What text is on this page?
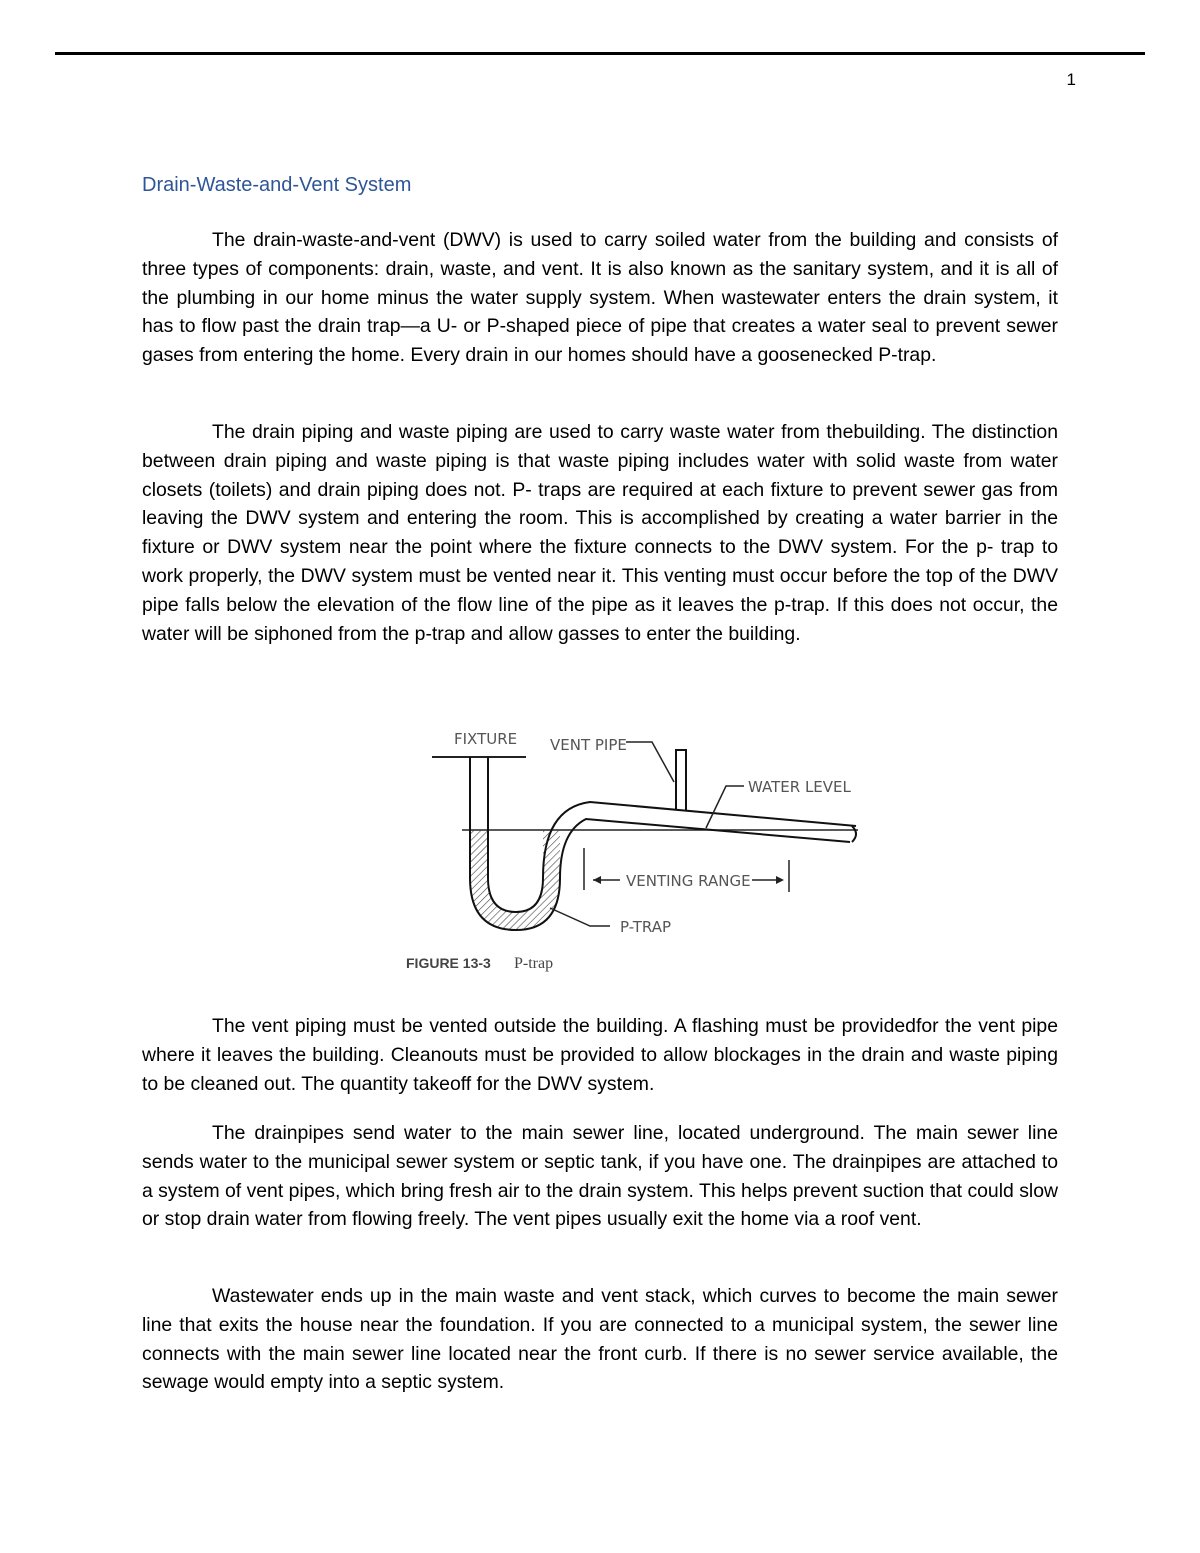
1
Drain-Waste-and-Vent System

The drain-waste-and-vent (DWV) is used to carry soiled water from the building and consists of three types of components: drain, waste, and vent. It is also known as the sanitary system, and it is all of the plumbing in our home minus the water supply system. When wastewater enters the drain system, it has to flow past the drain trap—a U- or P-shaped piece of pipe that creates a water seal to prevent sewer gases from entering the home. Every drain in our homes should have a goosenecked P-trap.

The drain piping and waste piping are used to carry waste water from thebuilding. The distinction between drain piping and waste piping is that waste piping includes water with solid waste from water closets (toilets) and drain piping does not. P- traps are required at each fixture to prevent sewer gas from leaving the DWV system and entering the room. This is accomplished by creating a water barrier in the fixture or DWV system near the point where the fixture connects to the DWV system. For the p- trap to work properly, the DWV system must be vented near it. This venting must occur before the top of the DWV pipe falls below the elevation of the flow line of the pipe as it leaves the p-trap. If this does not occur, the water will be siphoned from the p-trap and allow gasses to enter the building.

FIXTURE VENT PIPE
WATER LEVEL
VENTING RANGE
P-TRAP
FIGURE 13-3 P-trap

The vent piping must be vented outside the building. A flashing must be providedfor the vent pipe where it leaves the building. Cleanouts must be provided to allow blockages in the drain and waste piping to be cleaned out. The quantity takeoff for the DWV system.

The drainpipes send water to the main sewer line, located underground. The main sewer line sends water to the municipal sewer system or septic tank, if you have one. The drainpipes are attached to a system of vent pipes, which bring fresh air to the drain system. This helps prevent suction that could slow or stop drain water from flowing freely. The vent pipes usually exit the home via a roof vent.

Wastewater ends up in the main waste and vent stack, which curves to become the main sewer line that exits the house near the foundation. If you are connected to a municipal system, the sewer line connects with the main sewer line located near the front curb. If there is no sewer service available, the sewage would empty into a septic system.
